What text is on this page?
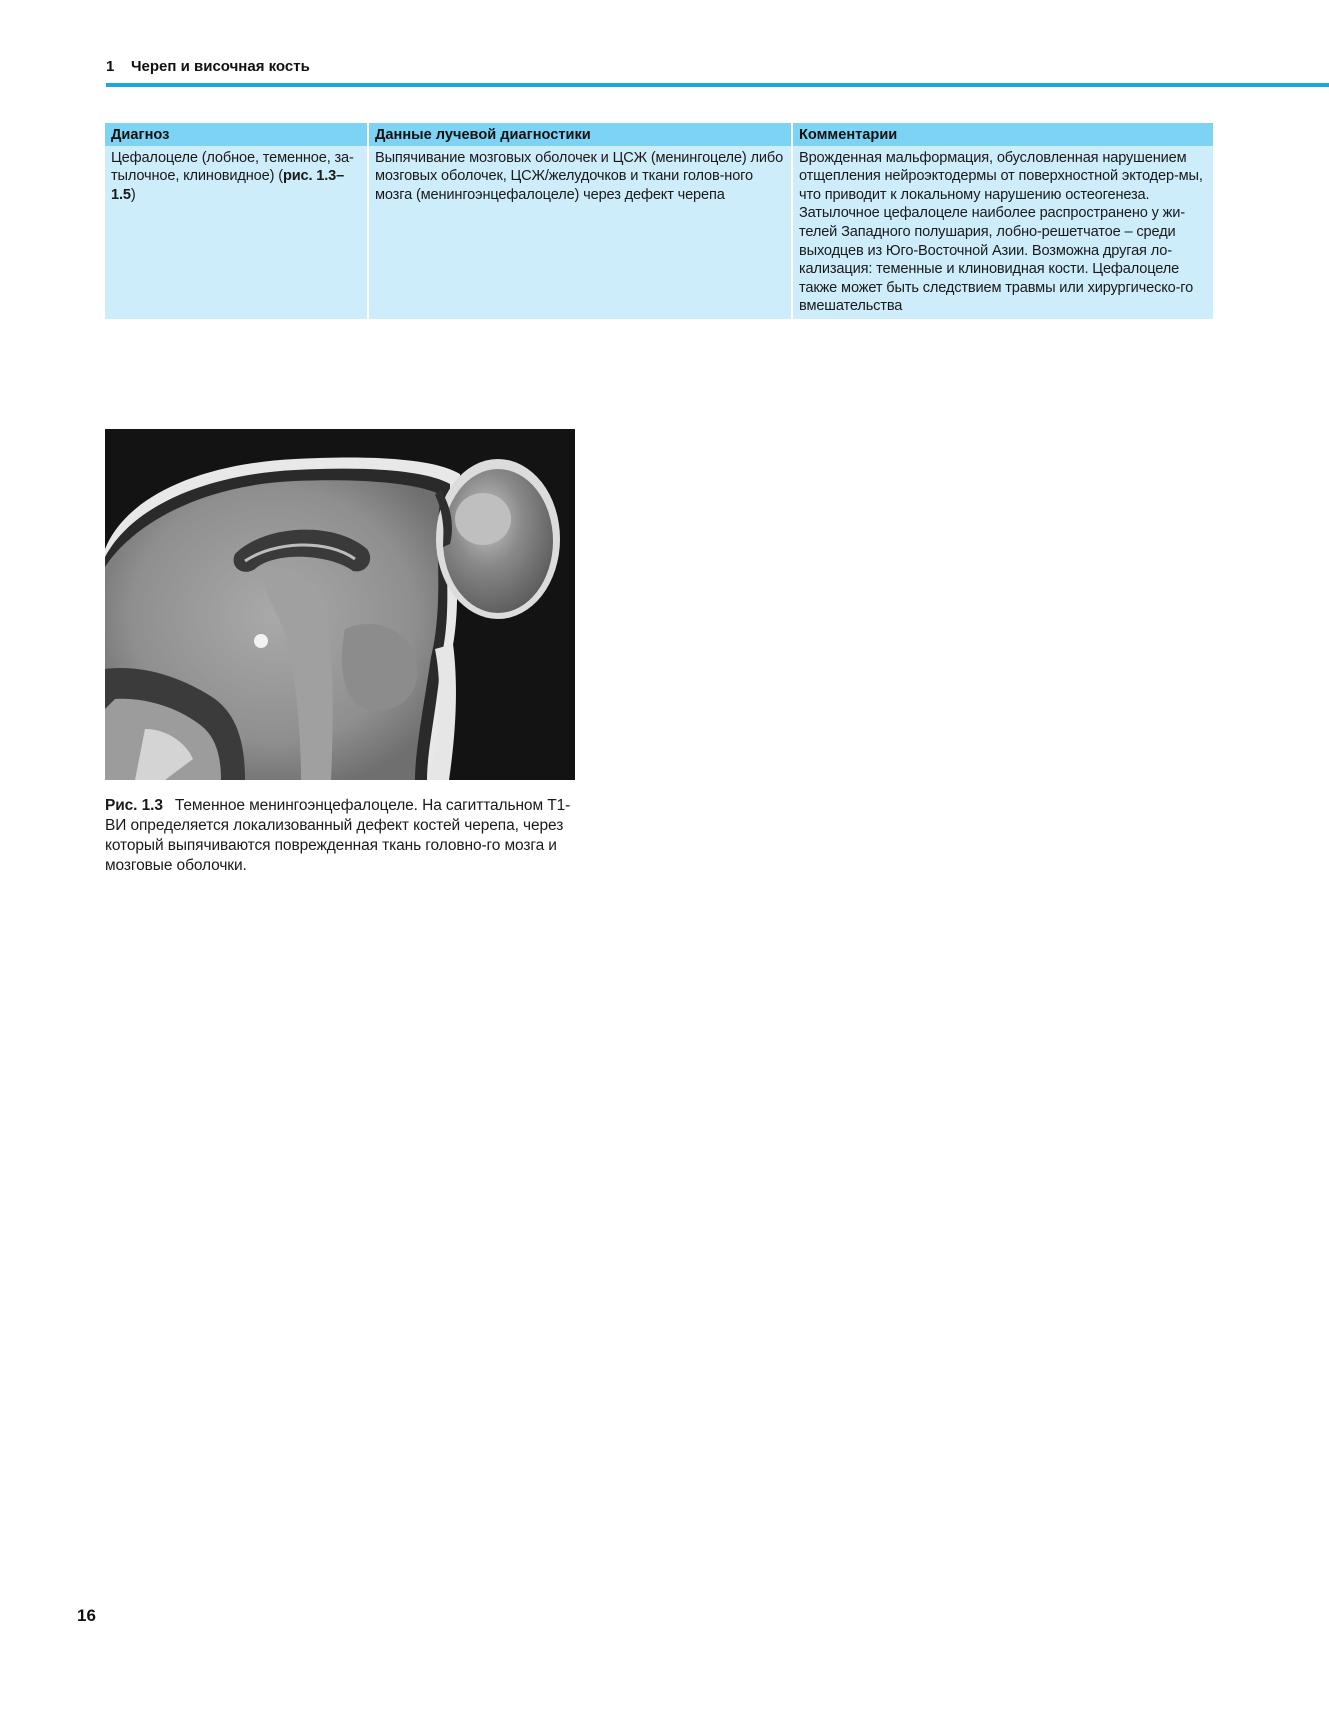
1 Череп и височная кость
Диагноз	Данные лучевой диагностики	Комментарии
Цефалоцеле (лобное, теменное, за-тылочное, клиновидное) (рис. 1.3–1.5)	Выпячивание мозговых оболочек и ЦСЖ (менингоцеле) либо мозговых оболочек, ЦСЖ/желудочков и ткани голов-ного мозга (менингоэнцефалоцеле) через дефект черепа	Врожденная мальформация, обусловленная нарушением отщепления нейроэктодермы от поверхностной эктодер-мы, что приводит к локальному нарушению остеогенеза. Затылочное цефалоцеле наиболее распространено у жи-телей Западного полушария, лобно-решетчатое – среди выходцев из Юго-Восточной Азии. Возможна другая ло-кализация: теменные и клиновидная кости. Цефалоцеле также может быть следствием травмы или хирургическо-го вмешательства
Рис. 1.3 Теменное менингоэнцефалоцеле. На сагиттальном Т1-ВИ определяется локализованный дефект костей черепа, через который выпячиваются поврежденная ткань головно-го мозга и мозговые оболочки.
16
